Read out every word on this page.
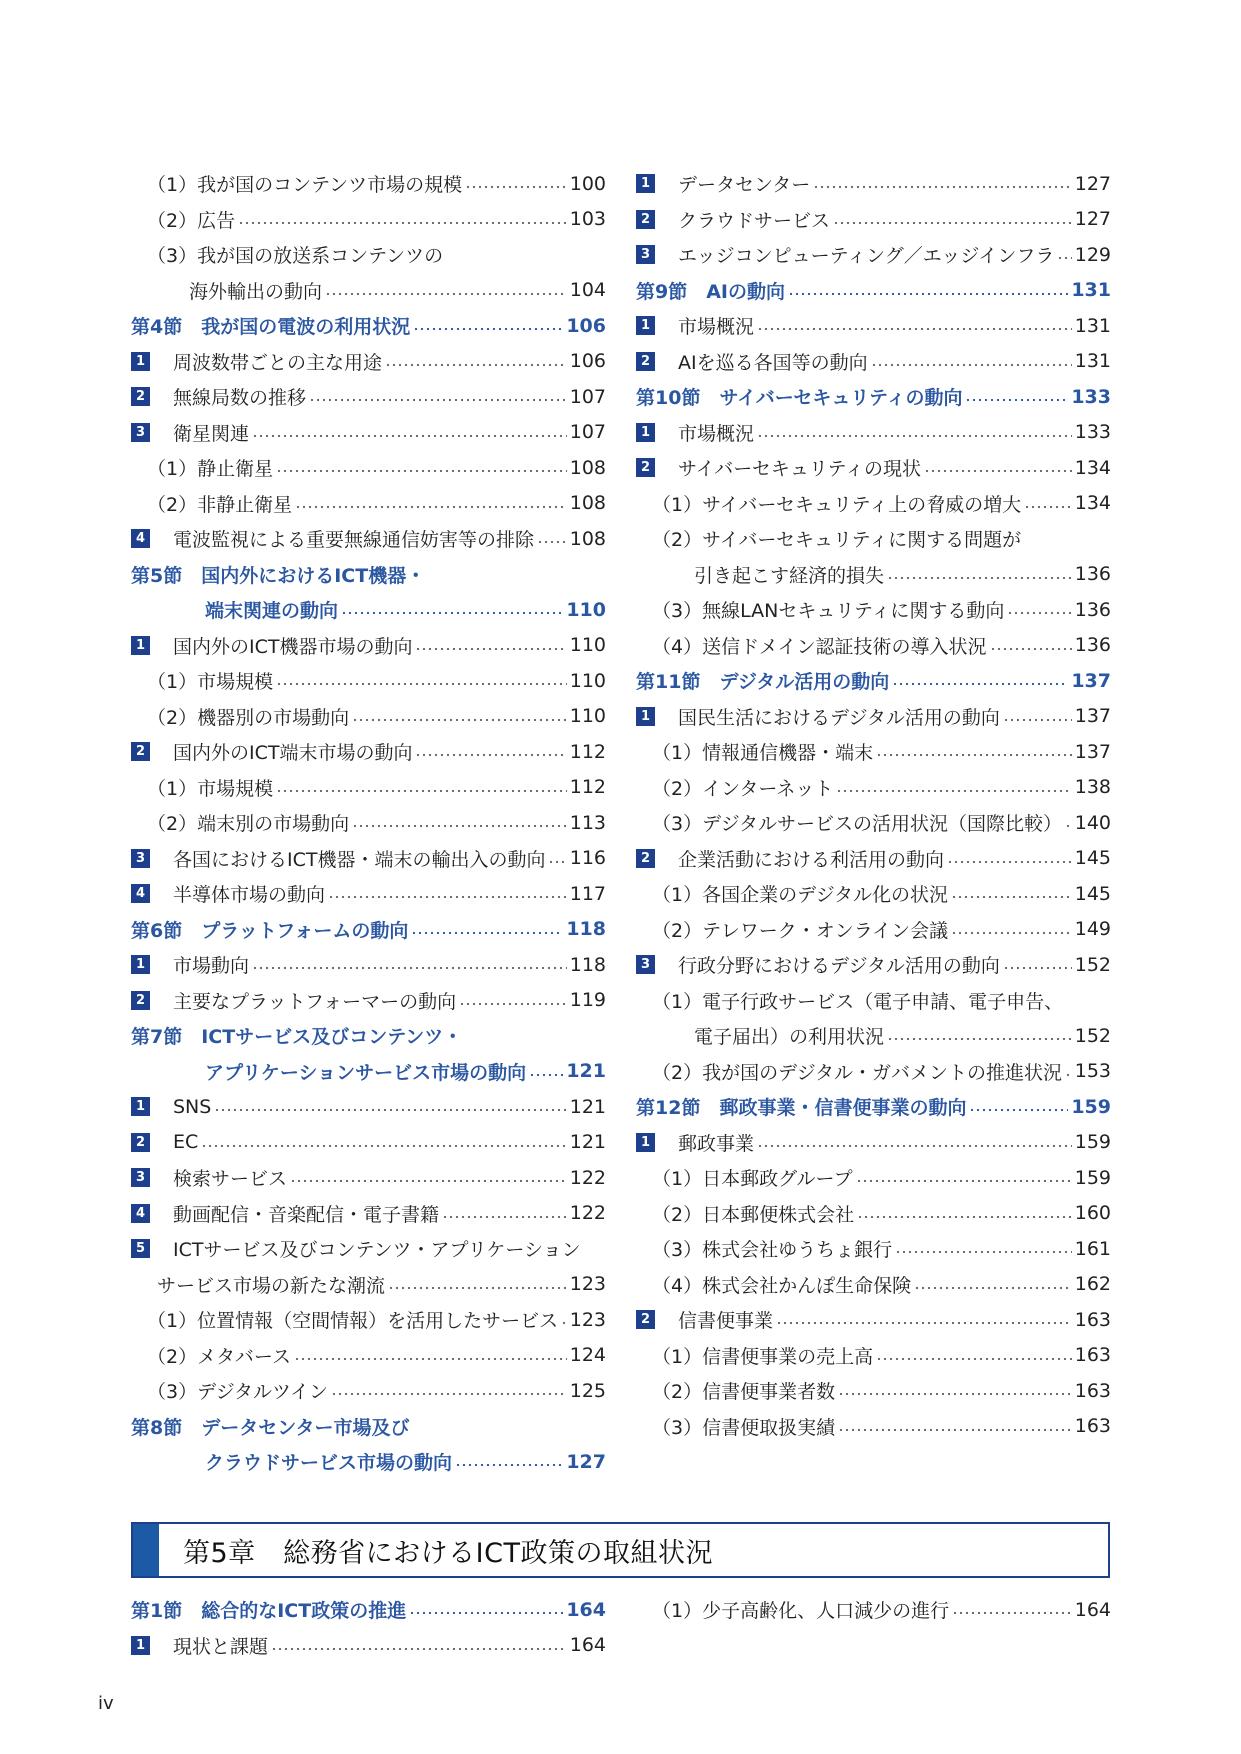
（1）我が国のコンテンツ市場の規模	100
（2）広告	103
（3）我が国の放送系コンテンツの
海外輸出の動向	104
第4節　我が国の電波の利用状況	106
1 周波数帯ごとの主な用途	106
2 無線局数の推移	107
3 衛星関連	107
（1）静止衛星	108
（2）非静止衛星	108
4 電波監視による重要無線通信妨害等の排除 108
第5節　国内外におけるICT機器・
端末関連の動向	110
1 国内外のICT機器市場の動向	110
（1）市場規模	110
（2）機器別の市場動向	110
2 国内外のICT端末市場の動向	112
（1）市場規模	112
（2）端末別の市場動向	113
3 各国におけるICT機器・端末の輸出入の動向 116
4 半導体市場の動向	117
第6節　プラットフォームの動向	118
1 市場動向	118
2 主要なプラットフォーマーの動向	119
第7節　ICTサービス及びコンテンツ・
アプリケーションサービス市場の動向 121
1 SNS	121
2 EC	121
3 検索サービス	122
4 動画配信・音楽配信・電子書籍	122
5 ICTサービス及びコンテンツ・アプリケーション
サービス市場の新たな潮流	123
（1）位置情報（空間情報）を活用したサービス 123
（2）メタバース	124
（3）デジタルツイン	125
第8節　データセンター市場及び
クラウドサービス市場の動向	127
1 データセンター	127
2 クラウドサービス	127
3 エッジコンピューティング／エッジインフラ 129
第9節　AIの動向	131
1 市場概況	131
2 AIを巡る各国等の動向	131
第10節　サイバーセキュリティの動向	133
1 市場概況	133
2 サイバーセキュリティの現状	134
（1）サイバーセキュリティ上の脅威の増大	134
（2）サイバーセキュリティに関する問題が
引き起こす経済的損失	136
（3）無線LANセキュリティに関する動向	136
（4）送信ドメイン認証技術の導入状況	136
第11節　デジタル活用の動向	137
1 国民生活におけるデジタル活用の動向	137
（1）情報通信機器・端末	137
（2）インターネット	138
（3）デジタルサービスの活用状況（国際比較） 140
2 企業活動における利活用の動向	145
（1）各国企業のデジタル化の状況	145
（2）テレワーク・オンライン会議	149
3 行政分野におけるデジタル活用の動向	152
（1）電子行政サービス（電子申請、電子申告、
電子届出）の利用状況	152
（2）我が国のデジタル・ガバメントの推進状況 153
第12節　郵政事業・信書便事業の動向	159
1 郵政事業	159
（1）日本郵政グループ	159
（2）日本郵便株式会社	160
（3）株式会社ゆうちょ銀行	161
（4）株式会社かんぽ生命保険	162
2 信書便事業	163
（1）信書便事業の売上高	163
（2）信書便事業者数	163
（3）信書便取扱実績	163
第5章　総務省におけるICT政策の取組状況
第1節　総合的なICT政策の推進	164
1 現状と課題	164
（1）少子高齢化、人口減少の進行	164
iv
